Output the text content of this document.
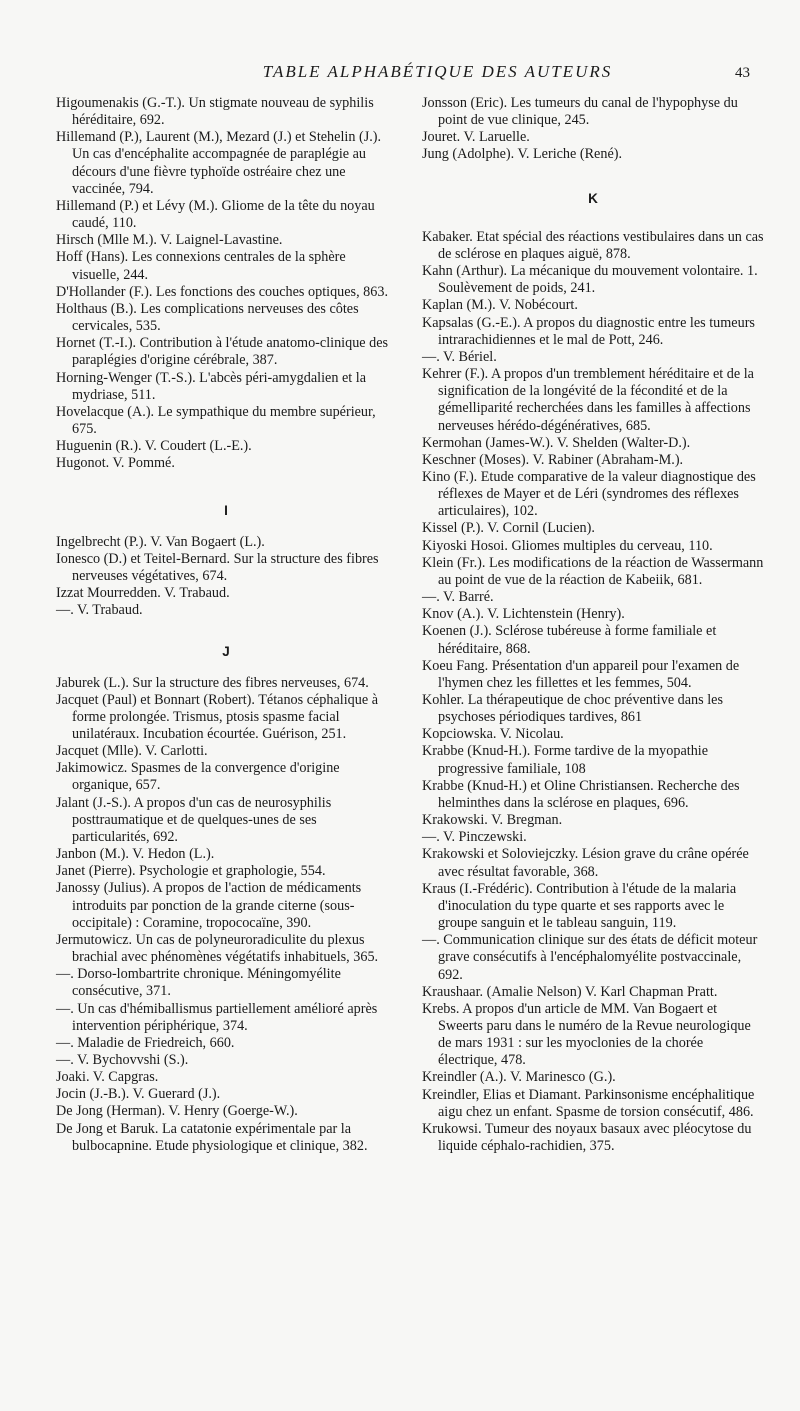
TABLE ALPHABÉTIQUE DES AUTEURS	43

Higoumenakis (G.-T.). Un stigmate nouveau de syphilis héréditaire, 692.

Hillemand (P.), Laurent (M.), Mezard (J.) et Stehelin (J.). Un cas d'encéphalite accompagnée de paraplégie au décours d'une fièvre typhoïde ostréaire chez une vaccinée, 794.

Hillemand (P.) et Lévy (M.). Gliome de la tête du noyau caudé, 110.

Hirsch (Mlle M.). V. Laignel-Lavastine.

Hoff (Hans). Les connexions centrales de la sphère visuelle, 244.

D'Hollander (F.). Les fonctions des couches optiques, 863.

Holthaus (B.). Les complications nerveuses des côtes cervicales, 535.

Hornet (T.-I.). Contribution à l'étude anatomo-clinique des paraplégies d'origine cérébrale, 387.

Horning-Wenger (T.-S.). L'abcès péri-amygdalien et la mydriase, 511.

Hovelacque (A.). Le sympathique du membre supérieur, 675.

Huguenin (R.). V. Coudert (L.-E.).

Hugonot. V. Pommé.

I

Ingelbrecht (P.). V. Van Bogaert (L.).

Ionesco (D.) et Teitel-Bernard. Sur la structure des fibres nerveuses végétatives, 674.

Izzat Mourredden. V. Trabaud.

—. V. Trabaud.

J

Jaburek (L.). Sur la structure des fibres nerveuses, 674.

Jacquet (Paul) et Bonnart (Robert). Tétanos céphalique à forme prolongée. Trismus, ptosis spasme facial unilatéraux. Incubation écourtée. Guérison, 251.

Jacquet (Mlle). V. Carlotti.

Jakimowicz. Spasmes de la convergence d'origine organique, 657.

Jalant (J.-S.). A propos d'un cas de neurosyphilis posttraumatique et de quelques-unes de ses particularités, 692.

Janbon (M.). V. Hedon (L.).

Janet (Pierre). Psychologie et graphologie, 554.

Janossy (Julius). A propos de l'action de médicaments introduits par ponction de la grande citerne (sous-occipitale) : Coramine, tropococaïne, 390.

Jermutowicz. Un cas de polyneuroradiculite du plexus brachial avec phénomènes végétatifs inhabituels, 365.

—. Dorso-lombartrite chronique. Méningomyélite consécutive, 371.

—. Un cas d'hémiballismus partiellement amélioré après intervention périphérique, 374.

—. Maladie de Friedreich, 660.

—. V. Bychovvshi (S.).

Joaki. V. Capgras.

Jocin (J.-B.). V. Guerard (J.).

De Jong (Herman). V. Henry (Goerge-W.).

De Jong et Baruk. La catatonie expérimentale par la bulbocapnine. Etude physiologique et clinique, 382.

Jonsson (Eric). Les tumeurs du canal de l'hypophyse du point de vue clinique, 245.

Jouret. V. Laruelle.

Jung (Adolphe). V. Leriche (René).

K

Kabaker. Etat spécial des réactions vestibulaires dans un cas de sclérose en plaques aiguë, 878.

Kahn (Arthur). La mécanique du mouvement volontaire. 1. Soulèvement de poids, 241.

Kaplan (M.). V. Nobécourt.

Kapsalas (G.-E.). A propos du diagnostic entre les tumeurs intrarachidiennes et le mal de Pott, 246.

—. V. Bériel.

Kehrer (F.). A propos d'un tremblement héréditaire et de la signification de la longévité de la fécondité et de la gémelliparité recherchées dans les familles à affections nerveuses hérédo-dégénératives, 685.

Kermohan (James-W.). V. Shelden (Walter-D.).

Keschner (Moses). V. Rabiner (Abraham-M.).

Kino (F.). Etude comparative de la valeur diagnostique des réflexes de Mayer et de Léri (syndromes des réflexes articulaires), 102.

Kissel (P.). V. Cornil (Lucien).

Kiyoski Hosoi. Gliomes multiples du cerveau, 110.

Klein (Fr.). Les modifications de la réaction de Wassermann au point de vue de la réaction de Kabeiik, 681.

—. V. Barré.

Knov (A.). V. Lichtenstein (Henry).

Koenen (J.). Sclérose tubéreuse à forme familiale et héréditaire, 868.

Koeu Fang. Présentation d'un appareil pour l'examen de l'hymen chez les fillettes et les femmes, 504.

Kohler. La thérapeutique de choc préventive dans les psychoses périodiques tardives, 861

Kopciowska. V. Nicolau.

Krabbe (Knud-H.). Forme tardive de la myopathie progressive familiale, 108

Krabbe (Knud-H.) et Oline Christiansen. Recherche des helminthes dans la sclérose en plaques, 696.

Krakowski. V. Bregman.

—. V. Pinczewski.

Krakowski et Soloviejczky. Lésion grave du crâne opérée avec résultat favorable, 368.

Kraus (I.-Frédéric). Contribution à l'étude de la malaria d'inoculation du type quarte et ses rapports avec le groupe sanguin et le tableau sanguin, 119.

—. Communication clinique sur des états de déficit moteur grave consécutifs à l'encéphalomyélite postvaccinale, 692.

Kraushaar. (Amalie Nelson) V. Karl Chapman Pratt.

Krebs. A propos d'un article de MM. Van Bogaert et Sweerts paru dans le numéro de la Revue neurologique de mars 1931 : sur les myoclonies de la chorée électrique, 478.

Kreindler (A.). V. Marinesco (G.).

Kreindler, Elias et Diamant. Parkinsonisme encéphalitique aigu chez un enfant. Spasme de torsion consécutif, 486.

Krukowsi. Tumeur des noyaux basaux avec pléocytose du liquide céphalo-rachidien, 375.
